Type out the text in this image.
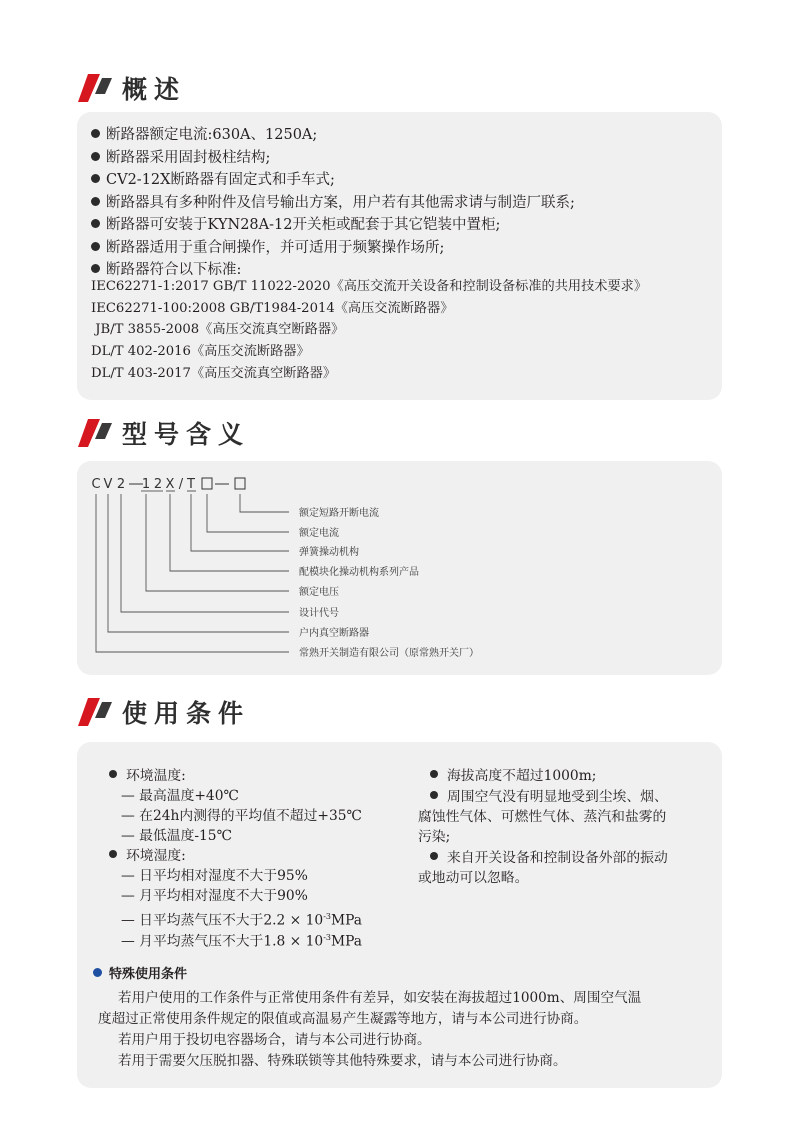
概述
断路器额定电流:630A、1250A;
断路器采用固封极柱结构;
CV2-12X断路器有固定式和手车式;
断路器具有多种附件及信号输出方案，用户若有其他需求请与制造厂联系;
断路器可安装于KYN28A-12开关柜或配套于其它铠装中置柜;
断路器适用于重合闸操作，并可适用于频繁操作场所;
断路器符合以下标准:
IEC62271-1:2017 GB/T 11022-2020《高压交流开关设备和控制设备标准的共用技术要求》
IEC62271-100:2008 GB/T1984-2014《高压交流断路器》
JB/T 3855-2008《高压交流真空断路器》
DL/T 402-2016《高压交流断路器》
DL/T 403-2017《高压交流真空断路器》
型号含义
C V 2 1 2 X / T
额定短路开断电流
额定电流
弹簧操动机构
配模块化操动机构系列产品
额定电压
设计代号
户内真空断路器
常熟开关制造有限公司（原常熟开关厂）
使用条件
环境温度:
— 最高温度+40℃
— 在24h内测得的平均值不超过+35℃
— 最低温度-15℃
环境湿度:
— 日平均相对湿度不大于95%
— 月平均相对湿度不大于90%
— 日平均蒸气压不大于$2.2 \times 10^{-3}MPa$
— 月平均蒸气压不大于$1.8 \times 10^{-3}MPa$
海拔高度不超过1000m;
周围空气没有明显地受到尘埃、烟、
腐蚀性气体、可燃性气体、蒸汽和盐雾的
污染;
来自开关设备和控制设备外部的振动
或地动可以忽略。
特殊使用条件
若用户使用的工作条件与正常使用条件有差异，如安装在海拔超过1000m、周围空气温
度超过正常使用条件规定的限值或高温易产生凝露等地方，请与本公司进行协商。
若用户用于投切电容器场合，请与本公司进行协商。
若用于需要欠压脱扣器、特殊联锁等其他特殊要求，请与本公司进行协商。
